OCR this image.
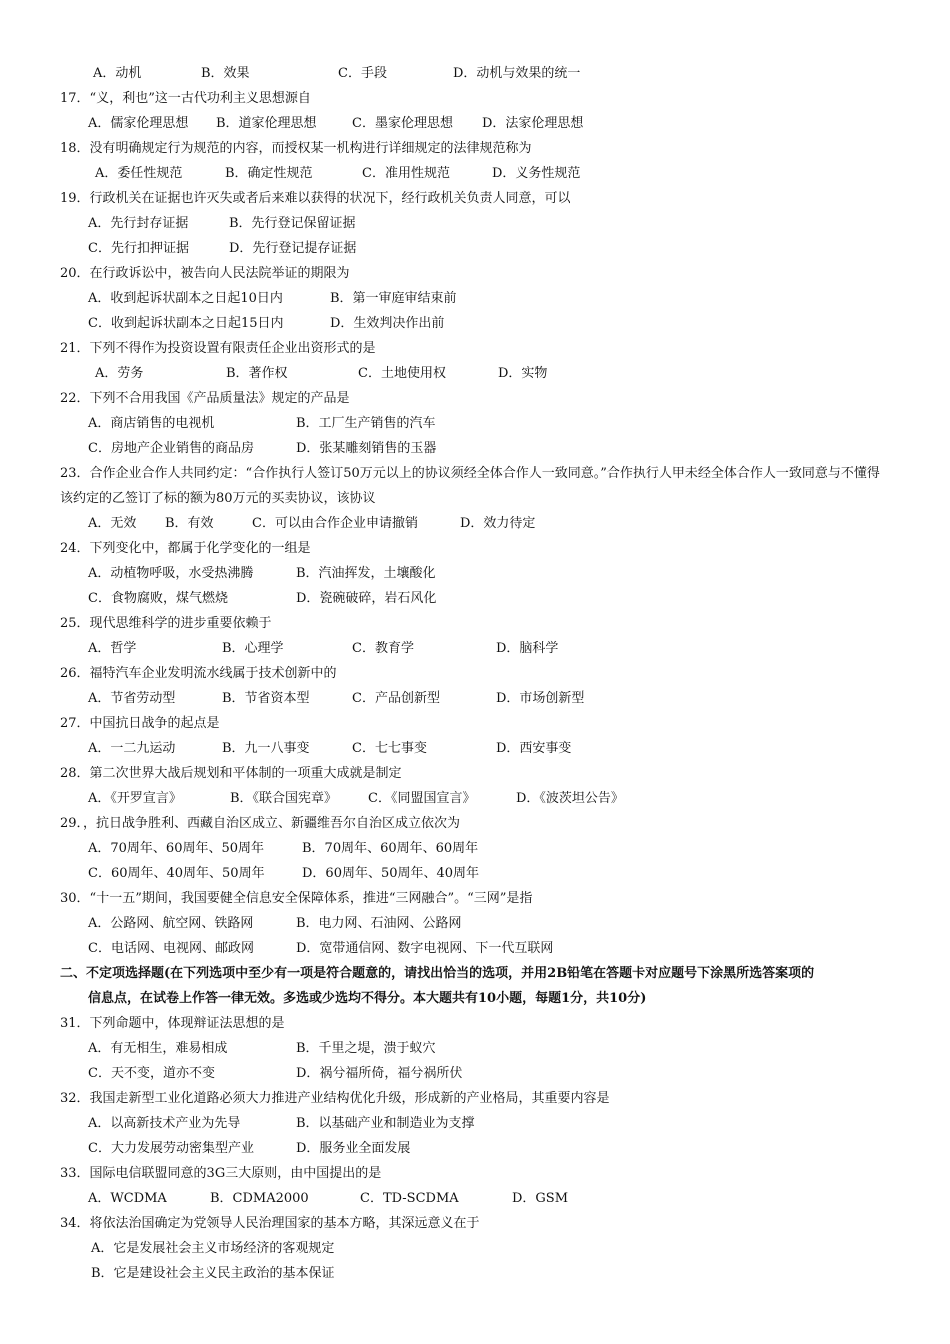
A．动机	B．效果	C．手段	D．动机与效果的统一
17．“义，利也”这一古代功利主义思想源自
A．儒家伦理思想 B．道家伦理思想	C．墨家伦理思想 D．法家伦理思想
18．没有明确规定行为规范的内容，而授权某一机构进行详细规定的法律规范称为
A．委任性规范	B．确定性规范	C．准用性规范	D．义务性规范
19．行政机关在证据也许灭失或者后来难以获得的状况下，经行政机关负责人同意，可以
A．先行封存证据	B．先行登记保留证据
C．先行扣押证据	D．先行登记提存证据
20．在行政诉讼中，被告向人民法院举证的期限为
A．收到起诉状副本之日起10日内	B．第一审庭审结束前
C．收到起诉状副本之日起15日内	D．生效判决作出前
21．下列不得作为投资设置有限责任企业出资形式的是
A．劳务	B．著作权	C．土地使用权	D．实物
22．下列不合用我国《产品质量法》规定的产品是
A．商店销售的电视机	B．工厂生产销售的汽车
C．房地产企业销售的商品房	D．张某雕刻销售的玉器
23．合作企业合作人共同约定：“合作执行人签订50万元以上的协议须经全体合作人一致同意。”合作执行人甲未经全体合作人一致同意与不懂得该约定的乙签订了标的额为80万元的买卖协议，该协议
A．无效 B．有效	C．可以由合作企业申请撤销	D．效力待定
24．下列变化中，都属于化学变化的一组是
A．动植物呼吸，水受热沸腾	B．汽油挥发，土壤酸化
C．食物腐败，煤气燃烧	D．瓷碗破碎，岩石风化
25．现代思维科学的进步重要依赖于
A．哲学	B．心理学	C．教育学	D．脑科学
26．福特汽车企业发明流水线属于技术创新中的
A．节省劳动型	B．节省资本型	C．产品创新型	D．市场创新型
27．中国抗日战争的起点是
A．一二九运动	B．九一八事变	C．七七事变	D．西安事变
28．第二次世界大战后规划和平体制的一项重大成就是制定
A．《开罗宣言》	B．《联合国宪章》 C．《同盟国宣言》	D．《波茨坦公告》
29．，抗日战争胜利、西藏自治区成立、新疆维吾尔自治区成立依次为
A．70周年、60周年、50周年	B．70周年、60周年、60周年
C．60周年、40周年、50周年	D．60周年、50周年、40周年
30．“十一五”期间，我国要健全信息安全保障体系，推进“三网融合”。“三网”是指
A．公路网、航空网、铁路网	B．电力网、石油网、公路网
C．电话网、电视网、邮政网	D．宽带通信网、数字电视网、下一代互联网
二、不定项选择题(在下列选项中至少有一项是符合题意的，请找出恰当的选项，并用2B铅笔在答题卡对应题号下涂黑所选答案项的
信息点，在试卷上作答一律无效。多选或少选均不得分。本大题共有10小题，每题1分，共10分)
31．下列命题中，体现辩证法思想的是
A．有无相生，难易相成	B．千里之堤，溃于蚁穴
C．天不变，道亦不变	D．祸兮福所倚，福兮祸所伏
32．我国走新型工业化道路必须大力推进产业结构优化升级，形成新的产业格局，其重要内容是
A．以高新技术产业为先导	B．以基础产业和制造业为支撑
C．大力发展劳动密集型产业	D．服务业全面发展
33．国际电信联盟同意的3G三大原则，由中国提出的是
A．WCDMA	B．CDMA2000	C．TD-SCDMA	D．GSM
34．将依法治国确定为党领导人民治理国家的基本方略，其深远意义在于
A．它是发展社会主义市场经济的客观规定
B．它是建设社会主义民主政治的基本保证
